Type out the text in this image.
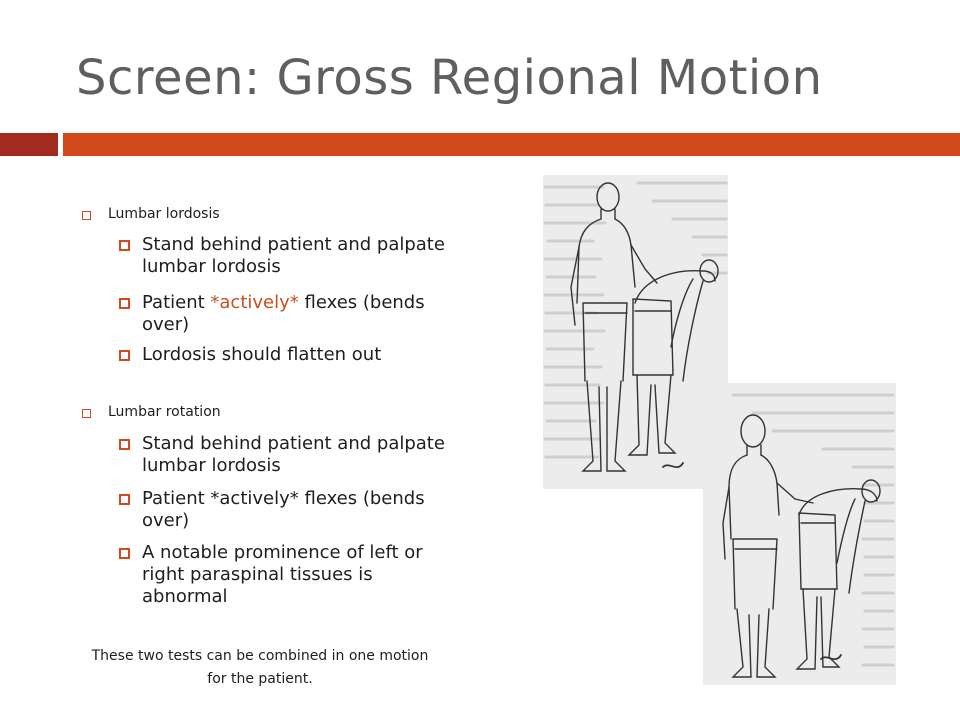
Screen: Gross Regional Motion
Lumbar lordosis
Stand behind patient and palpate lumbar lordosis
Patient *actively* flexes (bends over)
Lordosis should flatten out
Lumbar rotation
Stand behind patient and palpate lumbar lordosis
Patient *actively* flexes (bends over)
A notable prominence of left or right paraspinal tissues is abnormal
These two tests can be combined in one motion for the patient.
